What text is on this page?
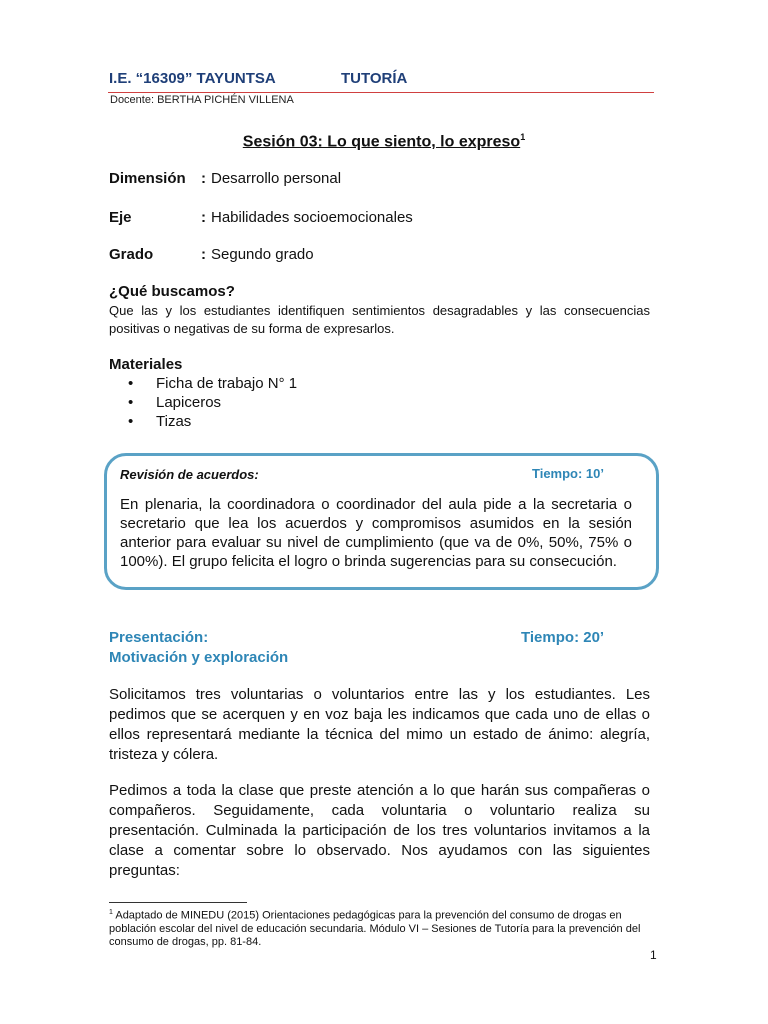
I.E. “16309” TAYUNTSA	TUTORÍA
Docente: BERTHA PICHÉN VILLENA
Sesión 03: Lo que siento, lo expreso$^1$
Dimensión : Desarrollo personal
Eje	: Habilidades socioemocionales
Grado	: Segundo grado
¿Qué buscamos?
Que las y los estudiantes identifiquen sentimientos desagradables y las consecuencias positivas o negativas de su forma de expresarlos.
Materiales
• Ficha de trabajo N° 1
• Lapiceros
• Tizas
Revisión de acuerdos:	Tiempo: 10’
En plenaria, la coordinadora o coordinador del aula pide a la secretaria o secretario que lea los acuerdos y compromisos asumidos en la sesión anterior para evaluar su nivel de cumplimiento (que va de 0%, 50%, 75% o 100%). El grupo felicita el logro o brinda sugerencias para su consecución.
Presentación:	Tiempo: 20’
Motivación y exploración
Solicitamos tres voluntarias o voluntarios entre las y los estudiantes. Les pedimos que se acerquen y en voz baja les indicamos que cada uno de ellas o ellos representará mediante la técnica del mimo un estado de ánimo: alegría, tristeza y cólera.
Pedimos a toda la clase que preste atención a lo que harán sus compañeras o compañeros. Seguidamente, cada voluntaria o voluntario realiza su presentación. Culminada la participación de los tres voluntarios invitamos a la clase a comentar sobre lo observado. Nos ayudamos con las siguientes preguntas:
$^1$ Adaptado de MINEDU (2015) Orientaciones pedagógicas para la prevención del consumo de drogas en población escolar del nivel de educación secundaria. Módulo VI – Sesiones de Tutoría para la prevención del consumo de drogas, pp. 81-84.
1
